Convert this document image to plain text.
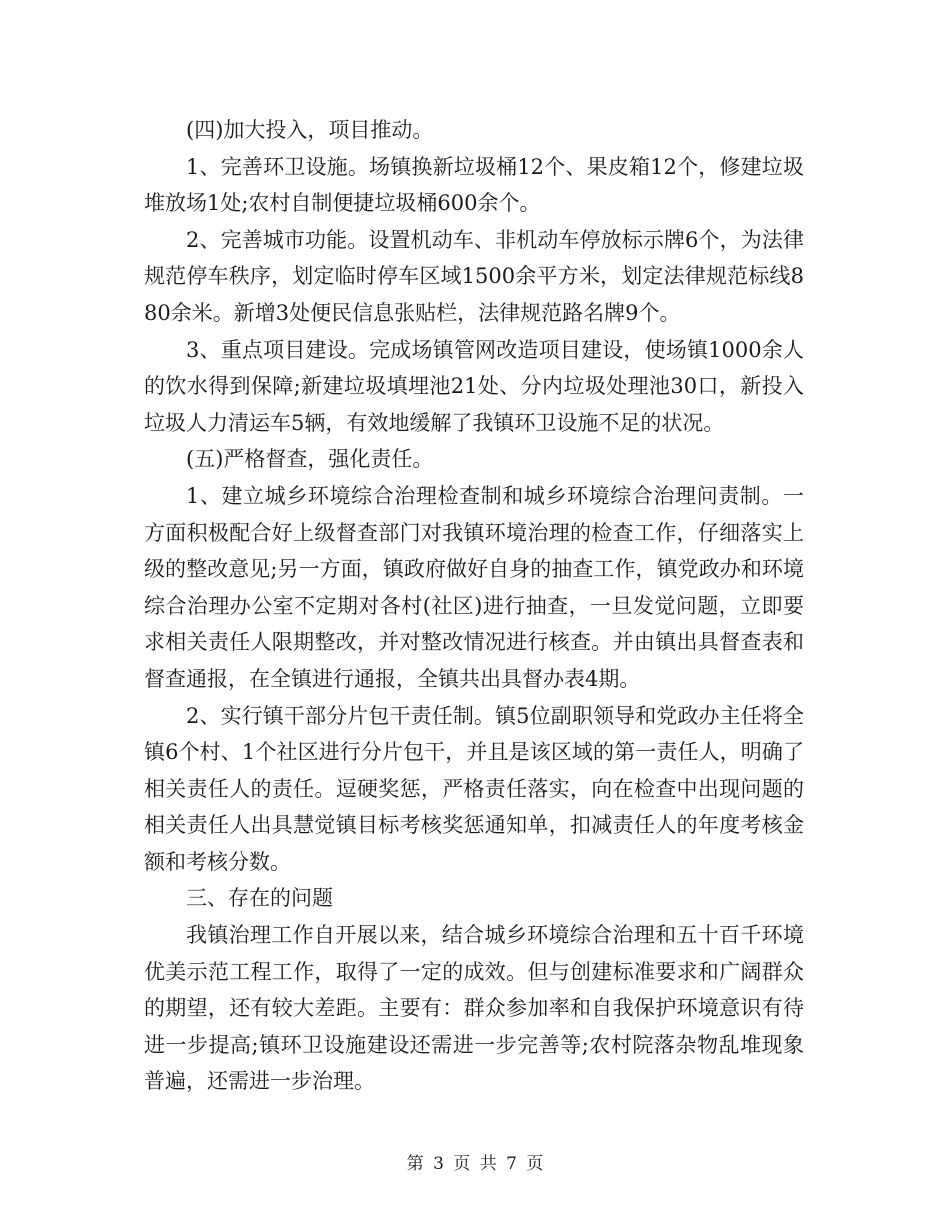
(四)加大投入，项目推动。

1、完善环卫设施。场镇换新垃圾桶12个、果皮箱12个，修建垃圾堆放场1处;农村自制便捷垃圾桶600余个。

2、完善城市功能。设置机动车、非机动车停放标示牌6个，为法律规范停车秩序，划定临时停车区域1500余平方米，划定法律规范标线880余米。新增3处便民信息张贴栏，法律规范路名牌9个。

3、重点项目建设。完成场镇管网改造项目建设，使场镇1000余人的饮水得到保障;新建垃圾填埋池21处、分内垃圾处理池30口，新投入垃圾人力清运车5辆，有效地缓解了我镇环卫设施不足的状况。

(五)严格督查，强化责任。

1、建立城乡环境综合治理检查制和城乡环境综合治理问责制。一方面积极配合好上级督查部门对我镇环境治理的检查工作，仔细落实上级的整改意见;另一方面，镇政府做好自身的抽查工作，镇党政办和环境综合治理办公室不定期对各村(社区)进行抽查，一旦发觉问题，立即要求相关责任人限期整改，并对整改情况进行核查。并由镇出具督查表和督查通报，在全镇进行通报，全镇共出具督办表4期。

2、实行镇干部分片包干责任制。镇5位副职领导和党政办主任将全镇6个村、1个社区进行分片包干，并且是该区域的第一责任人，明确了相关责任人的责任。逗硬奖惩，严格责任落实，向在检查中出现问题的相关责任人出具慧觉镇目标考核奖惩通知单，扣减责任人的年度考核金额和考核分数。

三、存在的问题

我镇治理工作自开展以来，结合城乡环境综合治理和五十百千环境优美示范工程工作，取得了一定的成效。但与创建标准要求和广阔群众的期望，还有较大差距。主要有：群众参加率和自我保护环境意识有待进一步提高;镇环卫设施建设还需进一步完善等;农村院落杂物乱堆现象普遍，还需进一步治理。

第 3 页 共 7 页
